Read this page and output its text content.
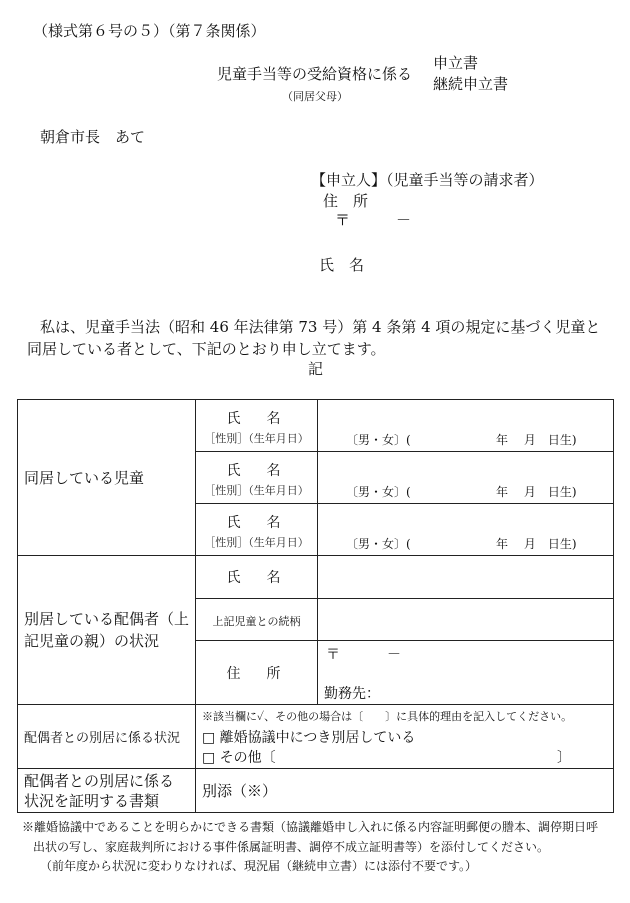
（様式第６号の５）（第７条関係）
児童手当等の受給資格に係る
申立書
継続申立書
（同居父母）
朝倉市長　あて
【申立人】（児童手当等の請求者）
住　所
〒	－
氏　名
私は、児童手当法（昭和 46 年法律第 73 号）第 4 条第 4 項の規定に基づく児童と
同居している者として、下記のとおり申し立てます。
記
同居している児童	氏　名
［性別］（生年月日）	〔男・女〕( 年　 月　日生)

	氏　名
［性別］（生年月日）	〔男・女〕( 年　 月　日生)

	氏　名
［性別］（生年月日）	〔男・女〕( 年　 月　日生)

別居している配偶者（上
記児童の親）の状況	氏　名	
	上記児童との続柄	
	住　所	〒 －
勤務先：

配偶者との別居に係る状況	※該当欄に✓、その他の場合は〔　　〕に具体的理由を記入してください。
□ 離婚協議中につき別居している
□ その他〔 〕	

配偶者との別居に係る
状況を証明する書類	別添（※）	
※離婚協議中であることを明らかにできる書類（協議離婚申し入れに係る内容証明郵便の謄本、調停期日呼
出状の写し、家庭裁判所における事件係属証明書、調停不成立証明書等）を添付してください。
（前年度から状況に変わりなければ、現況届（継続申立書）には添付不要です。）
